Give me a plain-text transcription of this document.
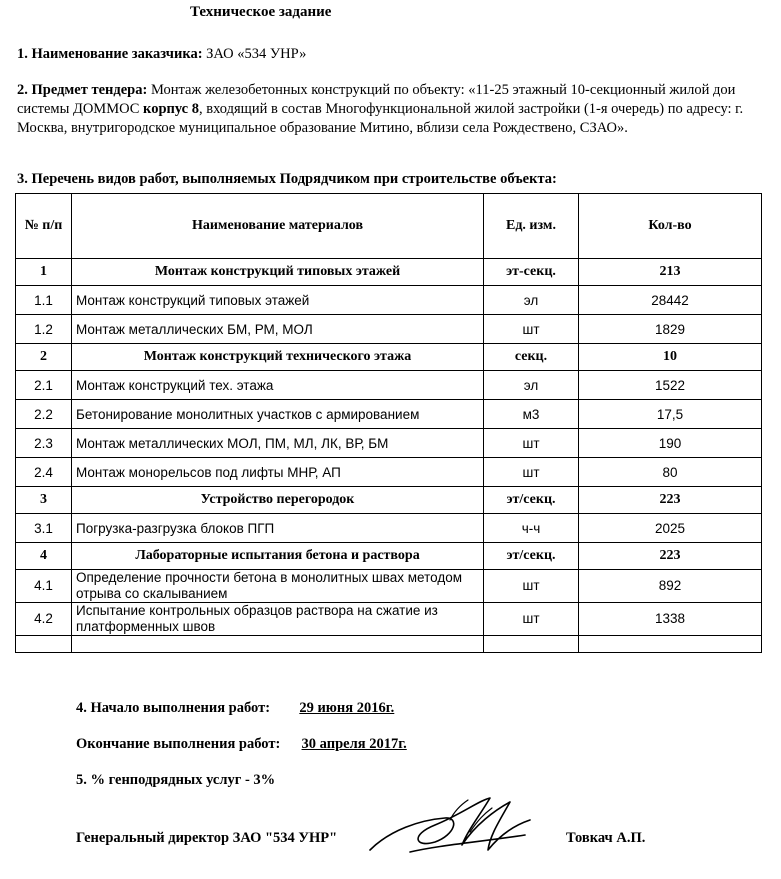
Техническое задание
1. Наименование заказчика: ЗАО «534 УНР»
2. Предмет тендера: Монтаж железобетонных конструкций по объекту: «11-25 этажный 10-секционный жилой дои системы ДОММОС корпус 8, входящий в состав Многофункциональной жилой застройки (1-я очередь) по адресу: г. Москва, внутригородское муниципальное образование Митино, вблизи села Рождествено, СЗАО».
3. Перечень видов работ, выполняемых Подрядчиком при строительстве объекта:
№ п/п	Наименование материалов	Ед. изм.	Кол-во
1	Монтаж конструкций типовых этажей	эт-секц.	213
1.1	Монтаж конструкций типовых этажей	эл	28442
1.2	Монтаж металлических БМ, РМ, МОЛ	шт	1829
2	Монтаж конструкций технического этажа	секц.	10
2.1	Монтаж конструкций тех. этажа	эл	1522
2.2	Бетонирование монолитных участков с армированием	м3	17,5
2.3	Монтаж металлических МОЛ, ПМ, МЛ, ЛК, ВР, БМ	шт	190
2.4	Монтаж монорельсов под лифты МНР, АП	шт	80
3	Устройство перегородок	эт/секц.	223
3.1	Погрузка-разгрузка блоков ПГП	ч-ч	2025
4	Лабораторные испытания бетона и раствора	эт/секц.	223
4.1	Определение прочности бетона в монолитных швах методом отрыва со скалыванием	шт	892
4.2	Испытание контрольных образцов раствора на сжатие из платформенных швов	шт	1338

4. Начало выполнения работ: 29 июня 2016г.
Окончание выполнения работ: 30 апреля 2017г.
5. % генподрядных услуг - 3%
Генеральный директор ЗАО "534 УНР"	Товкач А.П.
